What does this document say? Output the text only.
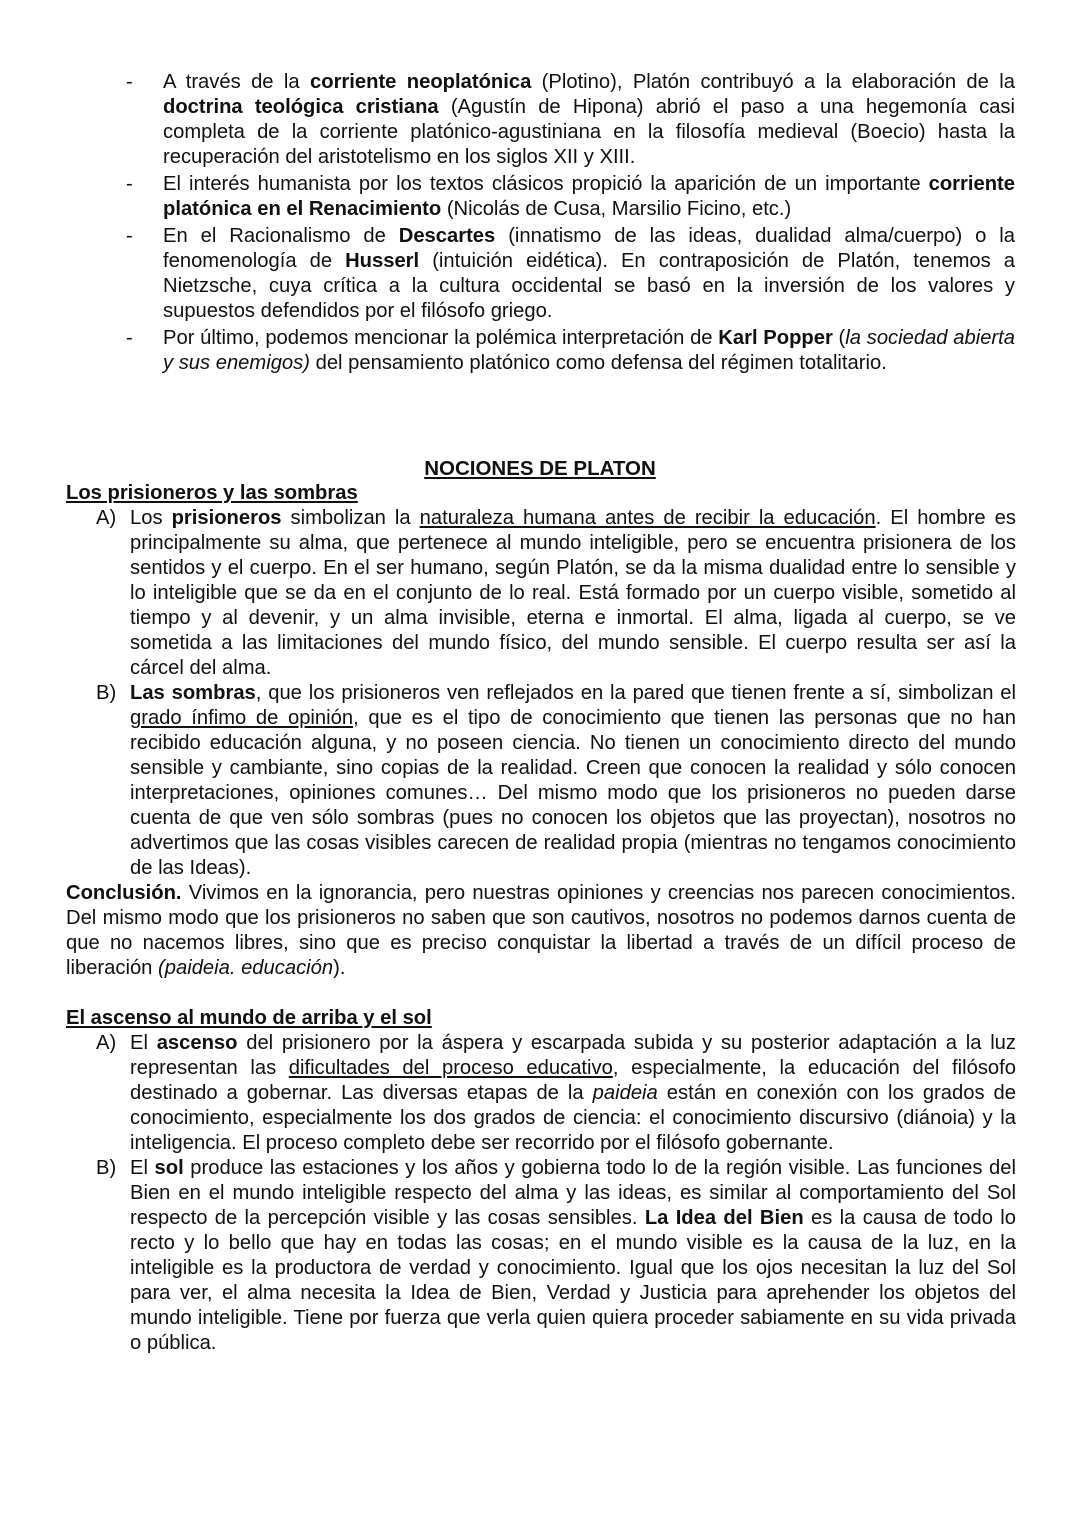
-	A través de la corriente neoplatónica (Plotino), Platón contribuyó a la elaboración de la doctrina teológica cristiana (Agustín de Hipona) abrió el paso a una hegemonía casi completa de la corriente platónico-agustiniana en la filosofía medieval (Boecio) hasta la recuperación del aristotelismo en los siglos XII y XIII.

-	El interés humanista por los textos clásicos propició la aparición de un importante corriente platónica en el Renacimiento (Nicolás de Cusa, Marsilio Ficino, etc.)

-	En el Racionalismo de Descartes (innatismo de las ideas, dualidad alma/cuerpo) o la fenomenología de Husserl (intuición eidética). En contraposición de Platón, tenemos a Nietzsche, cuya crítica a la cultura occidental se basó en la inversión de los valores y supuestos defendidos por el filósofo griego.

-	Por último, podemos mencionar la polémica interpretación de Karl Popper (la sociedad abierta y sus enemigos) del pensamiento platónico como defensa del régimen totalitario.

NOCIONES DE PLATON
Los prisioneros y las sombras
A) Los prisioneros simbolizan la naturaleza humana antes de recibir la educación. El hombre es principalmente su alma, que pertenece al mundo inteligible, pero se encuentra prisionera de los sentidos y el cuerpo. En el ser humano, según Platón, se da la misma dualidad entre lo sensible y lo inteligible que se da en el conjunto de lo real. Está formado por un cuerpo visible, sometido al tiempo y al devenir, y un alma invisible, eterna e inmortal. El alma, ligada al cuerpo, se ve sometida a las limitaciones del mundo físico, del mundo sensible. El cuerpo resulta ser así la cárcel del alma.

B) Las sombras, que los prisioneros ven reflejados en la pared que tienen frente a sí, simbolizan el grado ínfimo de opinión, que es el tipo de conocimiento que tienen las personas que no han recibido educación alguna, y no poseen ciencia. No tienen un conocimiento directo del mundo sensible y cambiante, sino copias de la realidad. Creen que conocen la realidad y sólo conocen interpretaciones, opiniones comunes… Del mismo modo que los prisioneros no pueden darse cuenta de que ven sólo sombras (pues no conocen los objetos que las proyectan), nosotros no advertimos que las cosas visibles carecen de realidad propia (mientras no tengamos conocimiento de las Ideas).

Conclusión. Vivimos en la ignorancia, pero nuestras opiniones y creencias nos parecen conocimientos. Del mismo modo que los prisioneros no saben que son cautivos, nosotros no podemos darnos cuenta de que no nacemos libres, sino que es preciso conquistar la libertad a través de un difícil proceso de liberación (paideia. educación).

El ascenso al mundo de arriba y el sol
A) El ascenso del prisionero por la áspera y escarpada subida y su posterior adaptación a la luz representan las dificultades del proceso educativo, especialmente, la educación del filósofo destinado a gobernar. Las diversas etapas de la paideia están en conexión con los grados de conocimiento, especialmente los dos grados de ciencia: el conocimiento discursivo (diánoia) y la inteligencia. El proceso completo debe ser recorrido por el filósofo gobernante.

B) El sol produce las estaciones y los años y gobierna todo lo de la región visible. Las funciones del Bien en el mundo inteligible respecto del alma y las ideas, es similar al comportamiento del Sol respecto de la percepción visible y las cosas sensibles. La Idea del Bien es la causa de todo lo recto y lo bello que hay en todas las cosas; en el mundo visible es la causa de la luz, en la inteligible es la productora de verdad y conocimiento. Igual que los ojos necesitan la luz del Sol para ver, el alma necesita la Idea de Bien, Verdad y Justicia para aprehender los objetos del mundo inteligible. Tiene por fuerza que verla quien quiera proceder sabiamente en su vida privada o pública.
